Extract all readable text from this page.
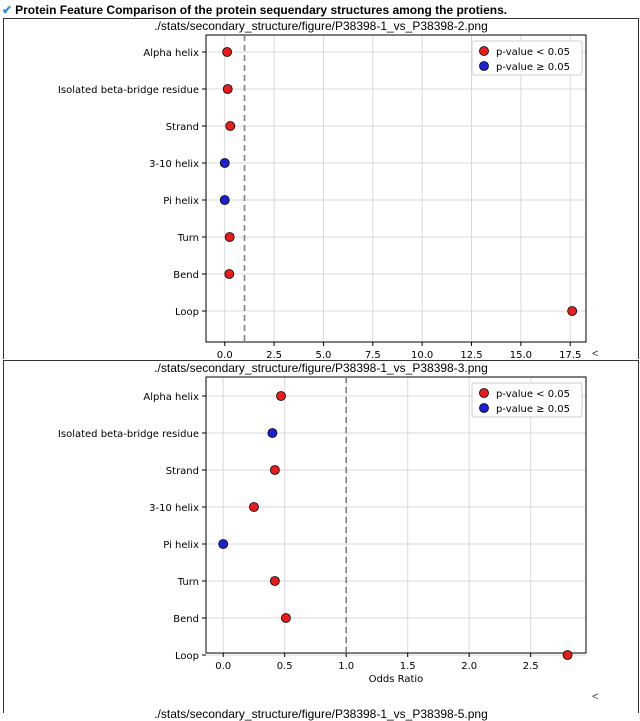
✔ Protein Feature Comparison of the protein sequendary structures among the protiens.
./stats/secondary_structure/figure/P38398-1_vs_P38398-2.png
Alpha helix
Isolated beta-bridge residue
Strand
3-10 helix
Pi helix
Turn
Bend
Loop
0.0	2.5	5.0	7.5	10.0	12.5	15.0	17.5
p-value < 0.05
p-value ≥ 0.05
<
./stats/secondary_structure/figure/P38398-1_vs_P38398-3.png
Alpha helix
Isolated beta-bridge residue
Strand
3-10 helix
Pi helix
Turn
Bend
Loop
0.0	0.5	1.0	1.5	2.0	2.5
Odds Ratio
p-value < 0.05
p-value ≥ 0.05
<
./stats/secondary_structure/figure/P38398-1_vs_P38398-5.png
